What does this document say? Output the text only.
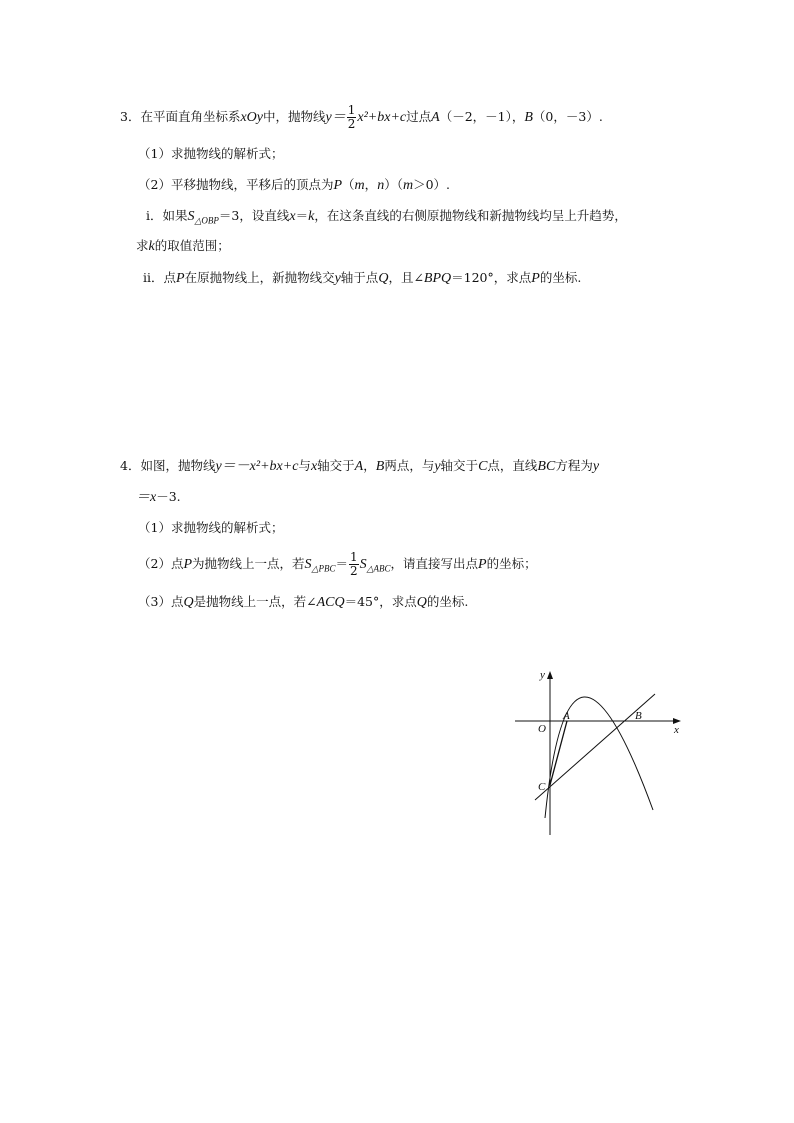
3．在平面直角坐标系xOy中，抛物线$y= \frac{1}{2} x^2+bx+c$过点A（－2，－1），B（0，－3）.
（1）求抛物线的解析式；
（2）平移抛物线，平移后的顶点为P（m，n）（m＞0）.
ⅰ．如果$S_{\triangle OBP}=3$，设直线x＝k，在这条直线的右侧原抛物线和新抛物线均呈上升趋势，
求k的取值范围；
ⅱ．点P在原抛物线上，新抛物线交y轴于点Q，且∠BPQ＝120°，求点P的坐标.
4．如图，抛物线y＝－x²+bx+c与x轴交于A，B两点，与y轴交于C点，直线BC方程为y
＝x－3.
（1）求抛物线的解析式；
（2）点P为抛物线上一点，若$S_{\triangle PBC}= \frac{1}{2} S_{\triangle ABC}$，请直接写出点P的坐标；
（3）点Q是抛物线上一点，若∠ACQ＝45°，求点Q的坐标.
y
x
O
A	B
C
